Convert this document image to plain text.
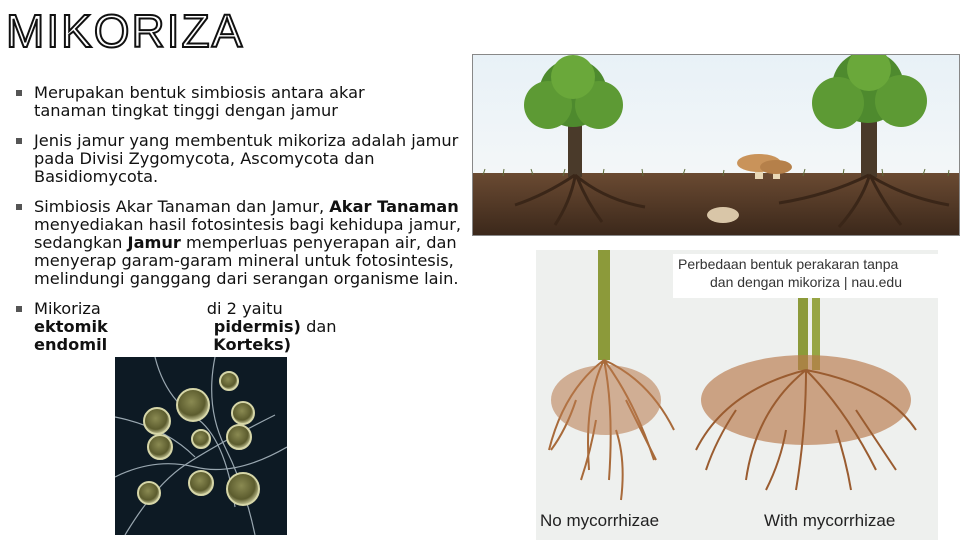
MIKORIZA
Merupakan bentuk simbiosis antara akar tanaman tingkat tinggi dengan jamur
Jenis jamur yang membentuk mikoriza adalah jamur pada Divisi Zygomycota, Ascomycota dan Basidiomycota.
Simbiosis Akar Tanaman dan Jamur, Akar Tanaman menyediakan hasil fotosintesis bagi kehidupa jamur, sedangkan Jamur memperluas penyerapan air, dan menyerap garam-garam mineral untuk fotosintesis, melindungi ganggang dari serangan organisme lain.
Mikoriza	di 2 yaitu
ektomik	pidermis) dan
endomil	Korteks)
Perbedaan bentuk perakaran tanpa
dan dengan mikoriza | nau.edu
No mycorrhizae	With mycorrhizae
